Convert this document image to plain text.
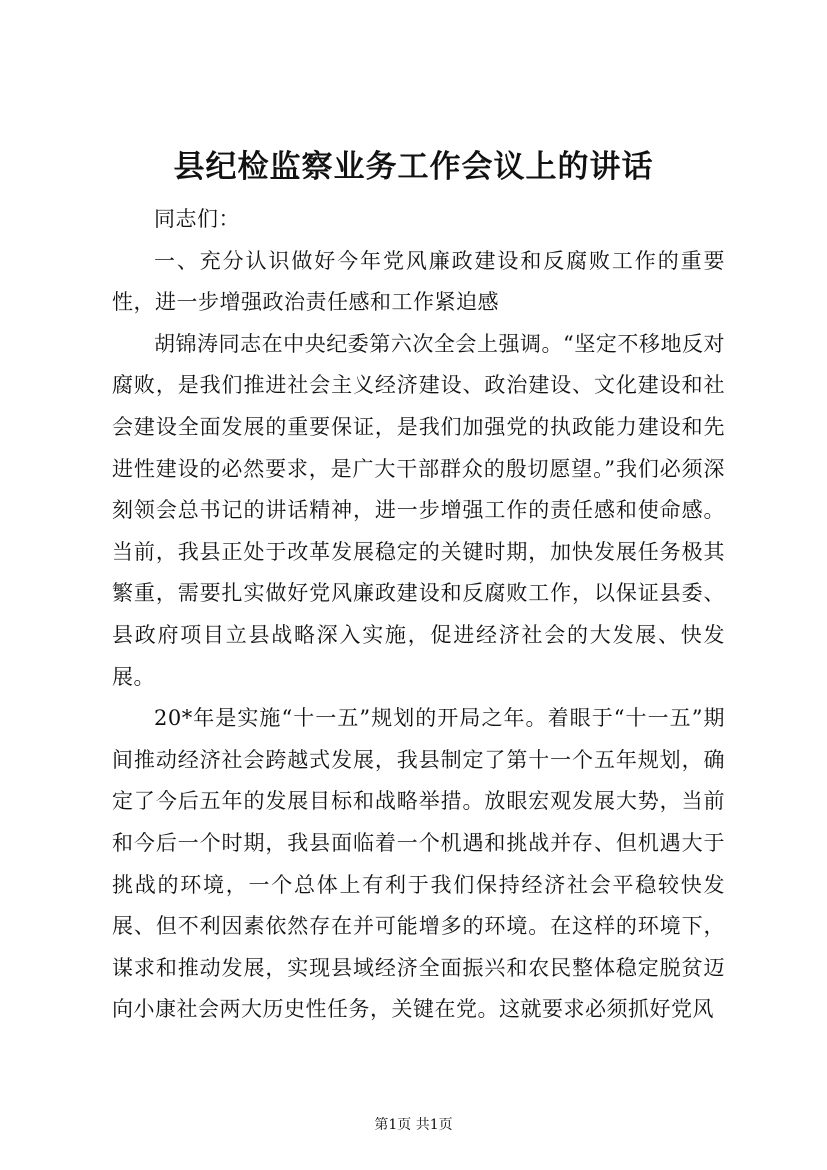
县纪检监察业务工作会议上的讲话

同志们：

一、充分认识做好今年党风廉政建设和反腐败工作的重要性，进一步增强政治责任感和工作紧迫感

胡锦涛同志在中央纪委第六次全会上强调。“坚定不移地反对腐败，是我们推进社会主义经济建设、政治建设、文化建设和社会建设全面发展的重要保证，是我们加强党的执政能力建设和先进性建设的必然要求，是广大干部群众的殷切愿望。”我们必须深刻领会总书记的讲话精神，进一步增强工作的责任感和使命感。当前，我县正处于改革发展稳定的关键时期，加快发展任务极其繁重，需要扎实做好党风廉政建设和反腐败工作，以保证县委、县政府项目立县战略深入实施，促进经济社会的大发展、快发展。

20*年是实施“十一五”规划的开局之年。着眼于“十一五”期间推动经济社会跨越式发展，我县制定了第十一个五年规划，确定了今后五年的发展目标和战略举措。放眼宏观发展大势，当前和今后一个时期，我县面临着一个机遇和挑战并存、但机遇大于挑战的环境，一个总体上有利于我们保持经济社会平稳较快发展、但不利因素依然存在并可能增多的环境。在这样的环境下，谋求和推动发展，实现县域经济全面振兴和农民整体稳定脱贫迈向小康社会两大历史性任务，关键在党。这就要求必须抓好党风

第1页 共1页
